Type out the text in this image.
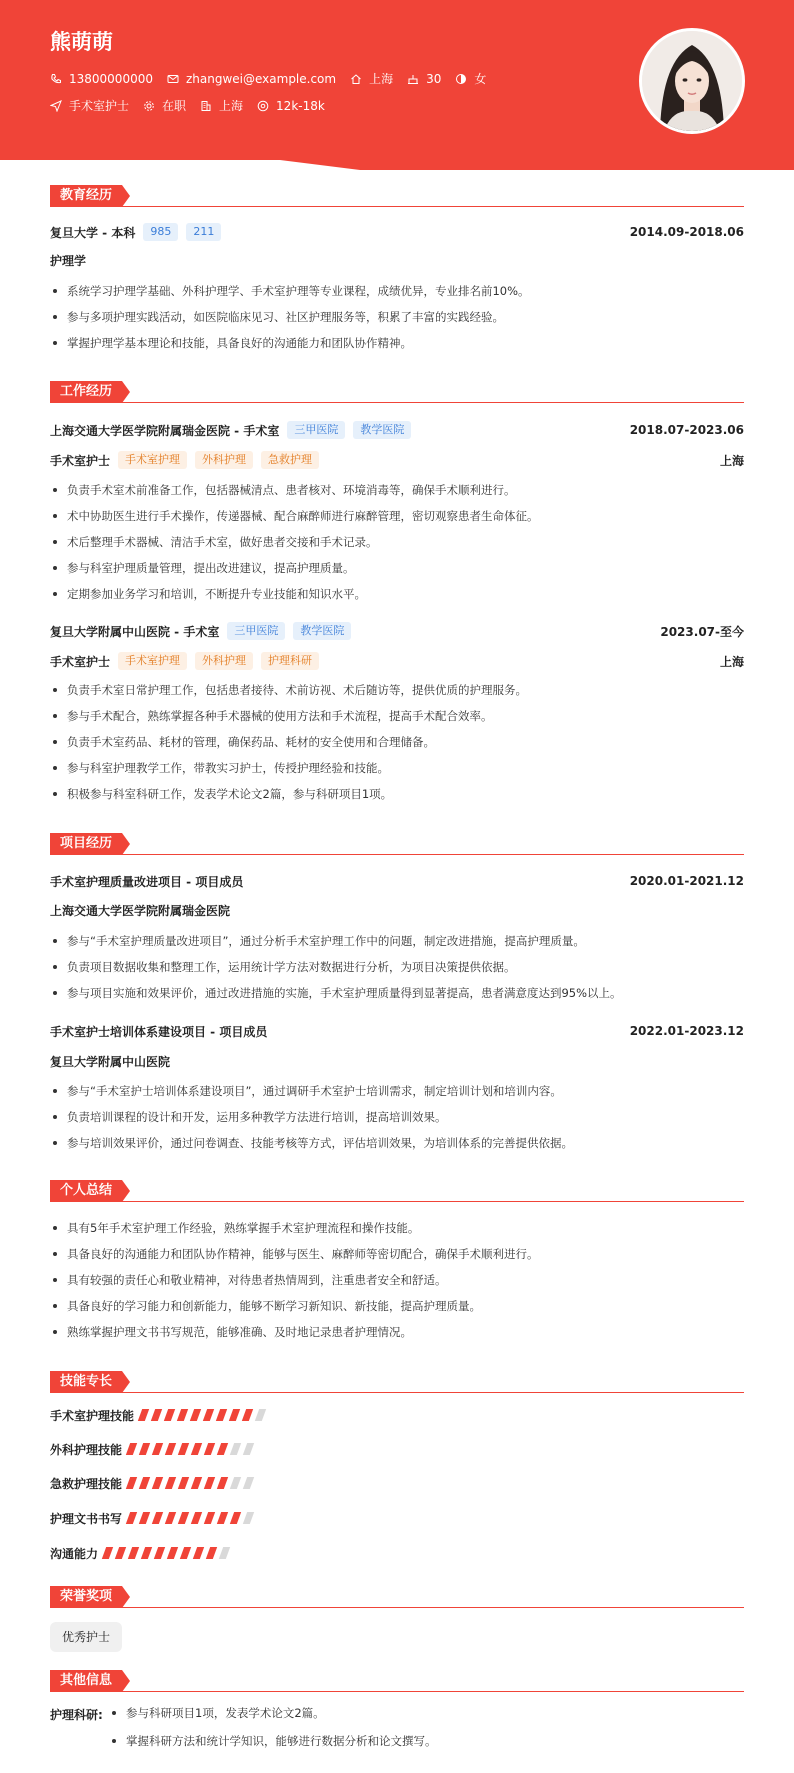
熊萌萌
13800000000	zhangwei@example.com	上海	30	女
手术室护士	在职	上海	12k-18k
教育经历
复旦大学 - 本科	985	211	2014.09-2018.06
护理学
系统学习护理学基础、外科护理学、手术室护理等专业课程，成绩优异，专业排名前10%。
参与多项护理实践活动，如医院临床见习、社区护理服务等，积累了丰富的实践经验。
掌握护理学基本理论和技能，具备良好的沟通能力和团队协作精神。
工作经历
上海交通大学医学院附属瑞金医院 - 手术室	三甲医院	教学医院	2018.07-2023.06
手术室护士	手术室护理	外科护理	急救护理	上海
负责手术室术前准备工作，包括器械清点、患者核对、环境消毒等，确保手术顺利进行。
术中协助医生进行手术操作，传递器械、配合麻醉师进行麻醉管理，密切观察患者生命体征。
术后整理手术器械、清洁手术室，做好患者交接和手术记录。
参与科室护理质量管理，提出改进建议，提高护理质量。
定期参加业务学习和培训，不断提升专业技能和知识水平。
复旦大学附属中山医院 - 手术室	三甲医院	教学医院	2023.07-至今
手术室护士	手术室护理	外科护理	护理科研	上海
负责手术室日常护理工作，包括患者接待、术前访视、术后随访等，提供优质的护理服务。
参与手术配合，熟练掌握各种手术器械的使用方法和手术流程，提高手术配合效率。
负责手术室药品、耗材的管理，确保药品、耗材的安全使用和合理储备。
参与科室护理教学工作，带教实习护士，传授护理经验和技能。
积极参与科室科研工作，发表学术论文2篇，参与科研项目1项。
项目经历
手术室护理质量改进项目 - 项目成员	2020.01-2021.12
上海交通大学医学院附属瑞金医院
参与“手术室护理质量改进项目”，通过分析手术室护理工作中的问题，制定改进措施，提高护理质量。
负责项目数据收集和整理工作，运用统计学方法对数据进行分析，为项目决策提供依据。
参与项目实施和效果评价，通过改进措施的实施，手术室护理质量得到显著提高，患者满意度达到95%以上。
手术室护士培训体系建设项目 - 项目成员	2022.01-2023.12
复旦大学附属中山医院
参与“手术室护士培训体系建设项目”，通过调研手术室护士培训需求，制定培训计划和培训内容。
负责培训课程的设计和开发，运用多种教学方法进行培训，提高培训效果。
参与培训效果评价，通过问卷调查、技能考核等方式，评估培训效果，为培训体系的完善提供依据。
个人总结
具有5年手术室护理工作经验，熟练掌握手术室护理流程和操作技能。
具备良好的沟通能力和团队协作精神，能够与医生、麻醉师等密切配合，确保手术顺利进行。
具有较强的责任心和敬业精神，对待患者热情周到，注重患者安全和舒适。
具备良好的学习能力和创新能力，能够不断学习新知识、新技能，提高护理质量。
熟练掌握护理文书书写规范，能够准确、及时地记录患者护理情况。
技能专长
手术室护理技能
外科护理技能
急救护理技能
护理文书书写
沟通能力
荣誉奖项
优秀护士
其他信息
护理科研:	参与科研项目1项，发表学术论文2篇。
掌握科研方法和统计学知识，能够进行数据分析和论文撰写。
